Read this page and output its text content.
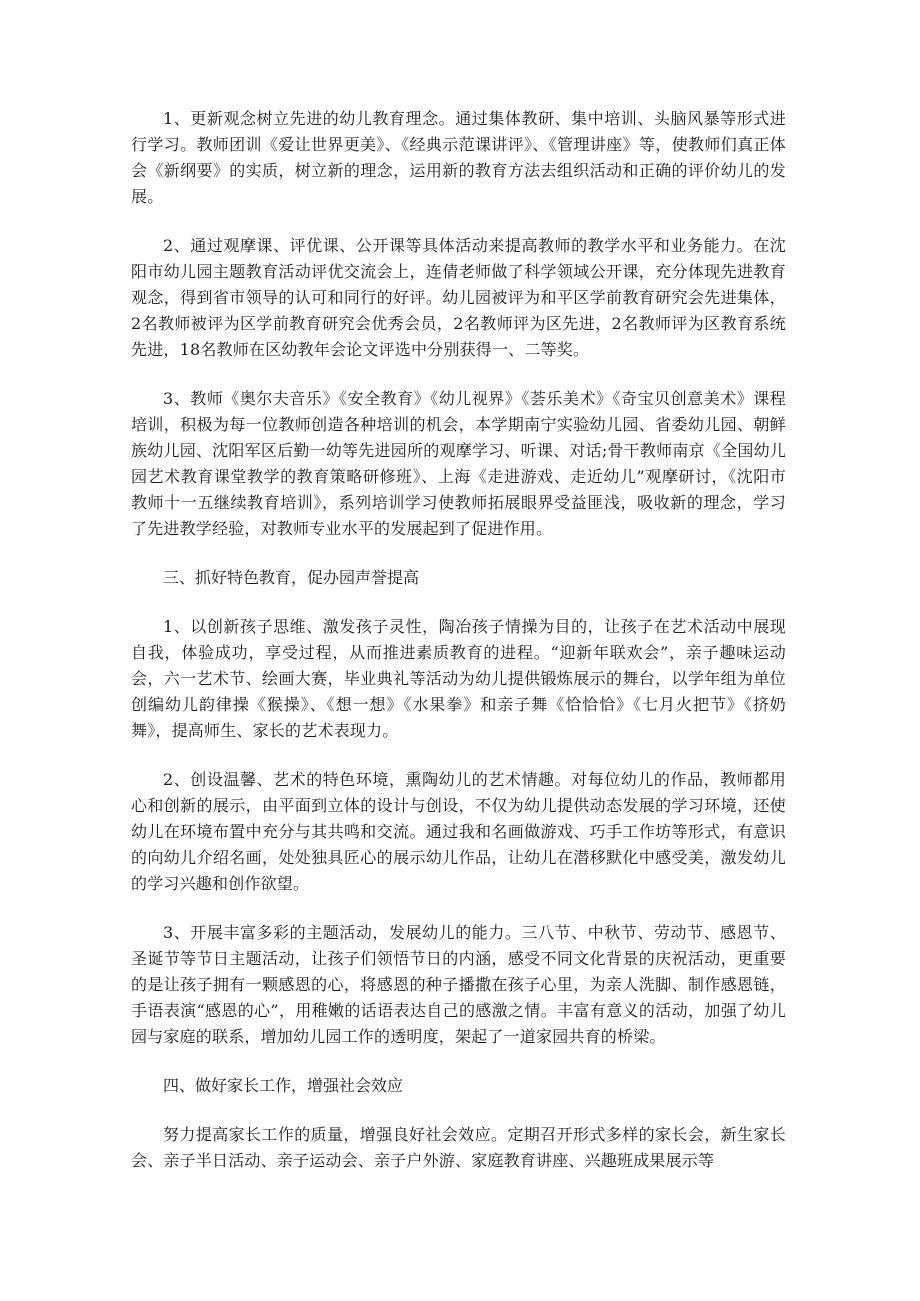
1、更新观念树立先进的幼儿教育理念。通过集体教研、集中培训、头脑风暴等形式进行学习。教师团训《爱让世界更美》、《经典示范课讲评》、《管理讲座》等，使教师们真正体会《新纲要》的实质，树立新的理念，运用新的教育方法去组织活动和正确的评价幼儿的发展。

2、通过观摩课、评优课、公开课等具体活动来提高教师的教学水平和业务能力。在沈阳市幼儿园主题教育活动评优交流会上，连倩老师做了科学领域公开课，充分体现先进教育观念，得到省市领导的认可和同行的好评。幼儿园被评为和平区学前教育研究会先进集体，2名教师被评为区学前教育研究会优秀会员，2名教师评为区先进，2名教师评为区教育系统先进，18名教师在区幼教年会论文评选中分别获得一、二等奖。

3、教师《奥尔夫音乐》《安全教育》《幼儿视界》《荟乐美术》《奇宝贝创意美术》课程培训，积极为每一位教师创造各种培训的机会，本学期南宁实验幼儿园、省委幼儿园、朝鲜族幼儿园、沈阳军区后勤一幼等先进园所的观摩学习、听课、对话;骨干教师南京《全国幼儿园艺术教育课堂教学的教育策略研修班》、上海《走进游戏、走近幼儿”观摩研讨，《沈阳市教师十一五继续教育培训》，系列培训学习使教师拓展眼界受益匪浅，吸收新的理念，学习了先进教学经验，对教师专业水平的发展起到了促进作用。

三、抓好特色教育，促办园声誉提高

1、以创新孩子思维、激发孩子灵性，陶冶孩子情操为目的，让孩子在艺术活动中展现自我，体验成功，享受过程，从而推进素质教育的进程。“迎新年联欢会”，亲子趣味运动会，六一艺术节、绘画大赛，毕业典礼等活动为幼儿提供锻炼展示的舞台，以学年组为单位创编幼儿韵律操《猴操》、《想一想》《水果拳》和亲子舞《恰恰恰》《七月火把节》《挤奶舞》，提高师生、家长的艺术表现力。

2、创设温馨、艺术的特色环境，熏陶幼儿的艺术情趣。对每位幼儿的作品，教师都用心和创新的展示，由平面到立体的设计与创设，不仅为幼儿提供动态发展的学习环境，还使幼儿在环境布置中充分与其共鸣和交流。通过我和名画做游戏、巧手工作坊等形式，有意识的向幼儿介绍名画，处处独具匠心的展示幼儿作品，让幼儿在潜移默化中感受美，激发幼儿的学习兴趣和创作欲望。

3、开展丰富多彩的主题活动，发展幼儿的能力。三八节、中秋节、劳动节、感恩节、圣诞节等节日主题活动，让孩子们领悟节日的内涵，感受不同文化背景的庆祝活动，更重要的是让孩子拥有一颗感恩的心，将感恩的种子播撒在孩子心里，为亲人洗脚、制作感恩链，手语表演“感恩的心”，用稚嫩的话语表达自己的感激之情。丰富有意义的活动，加强了幼儿园与家庭的联系，增加幼儿园工作的透明度，架起了一道家园共育的桥梁。

四、做好家长工作，增强社会效应

努力提高家长工作的质量，增强良好社会效应。定期召开形式多样的家长会，新生家长会、亲子半日活动、亲子运动会、亲子户外游、家庭教育讲座、兴趣班成果展示等
